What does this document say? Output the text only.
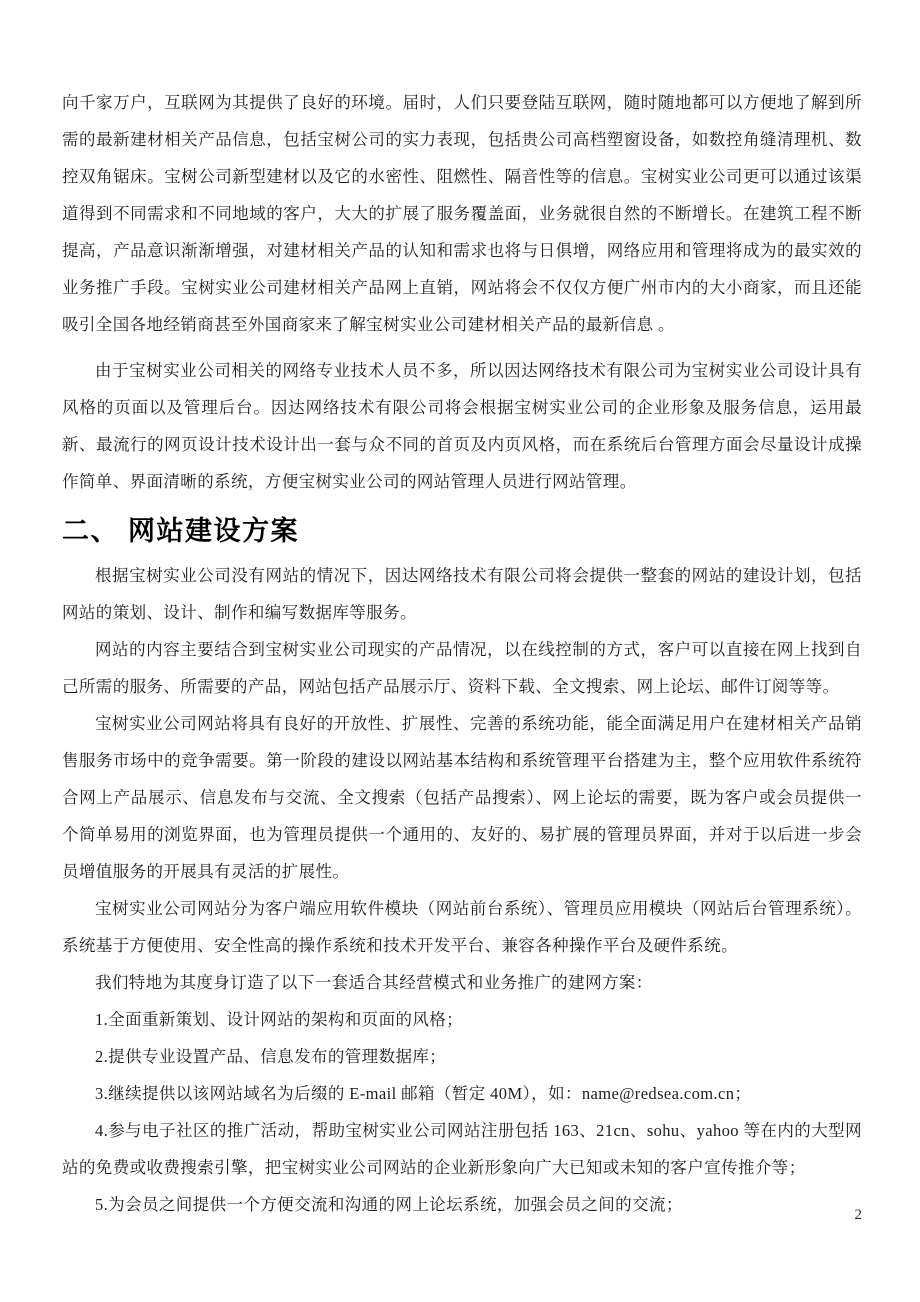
向千家万户，互联网为其提供了良好的环境。届时，人们只要登陆互联网，随时随地都可以方便地了解到所需的最新建材相关产品信息，包括宝树公司的实力表现，包括贵公司高档塑窗设备，如数控角缝清理机、数控双角锯床。宝树公司新型建材以及它的水密性、阻燃性、隔音性等的信息。宝树实业公司更可以通过该渠道得到不同需求和不同地域的客户，大大的扩展了服务覆盖面，业务就很自然的不断增长。在建筑工程不断提高，产品意识渐渐增强，对建材相关产品的认知和需求也将与日俱增，网络应用和管理将成为的最实效的业务推广手段。宝树实业公司建材相关产品网上直销，网站将会不仅仅方便广州市内的大小商家，而且还能吸引全国各地经销商甚至外国商家来了解宝树实业公司建材相关产品的最新信息 。

由于宝树实业公司相关的网络专业技术人员不多，所以因达网络技术有限公司为宝树实业公司设计具有风格的页面以及管理后台。因达网络技术有限公司将会根据宝树实业公司的企业形象及服务信息，运用最新、最流行的网页设计技术设计出一套与众不同的首页及内页风格，而在系统后台管理方面会尽量设计成操作简单、界面清晰的系统，方便宝树实业公司的网站管理人员进行网站管理。

二、 网站建设方案

根据宝树实业公司没有网站的情况下，因达网络技术有限公司将会提供一整套的网站的建设计划，包括网站的策划、设计、制作和编写数据库等服务。

网站的内容主要结合到宝树实业公司现实的产品情况，以在线控制的方式，客户可以直接在网上找到自己所需的服务、所需要的产品，网站包括产品展示厅、资料下载、全文搜索、网上论坛、邮件订阅等等。

宝树实业公司网站将具有良好的开放性、扩展性、完善的系统功能，能全面满足用户在建材相关产品销售服务市场中的竞争需要。第一阶段的建设以网站基本结构和系统管理平台搭建为主，整个应用软件系统符合网上产品展示、信息发布与交流、全文搜索（包括产品搜索）、网上论坛的需要，既为客户或会员提供一个简单易用的浏览界面，也为管理员提供一个通用的、友好的、易扩展的管理员界面，并对于以后进一步会员增值服务的开展具有灵活的扩展性。

宝树实业公司网站分为客户端应用软件模块（网站前台系统）、管理员应用模块（网站后台管理系统）。系统基于方便使用、安全性高的操作系统和技术开发平台、兼容各种操作平台及硬件系统。

我们特地为其度身订造了以下一套适合其经营模式和业务推广的建网方案：

1.全面重新策划、设计网站的架构和页面的风格；

2.提供专业设置产品、信息发布的管理数据库；

3.继续提供以该网站域名为后缀的 E-mail 邮箱（暂定 40M），如：name@redsea.com.cn；

4.参与电子社区的推广活动，帮助宝树实业公司网站注册包括 163、21cn、sohu、yahoo 等在内的大型网站的免费或收费搜索引擎，把宝树实业公司网站的企业新形象向广大已知或未知的客户宣传推介等；

5.为会员之间提供一个方便交流和沟通的网上论坛系统，加强会员之间的交流；

2
